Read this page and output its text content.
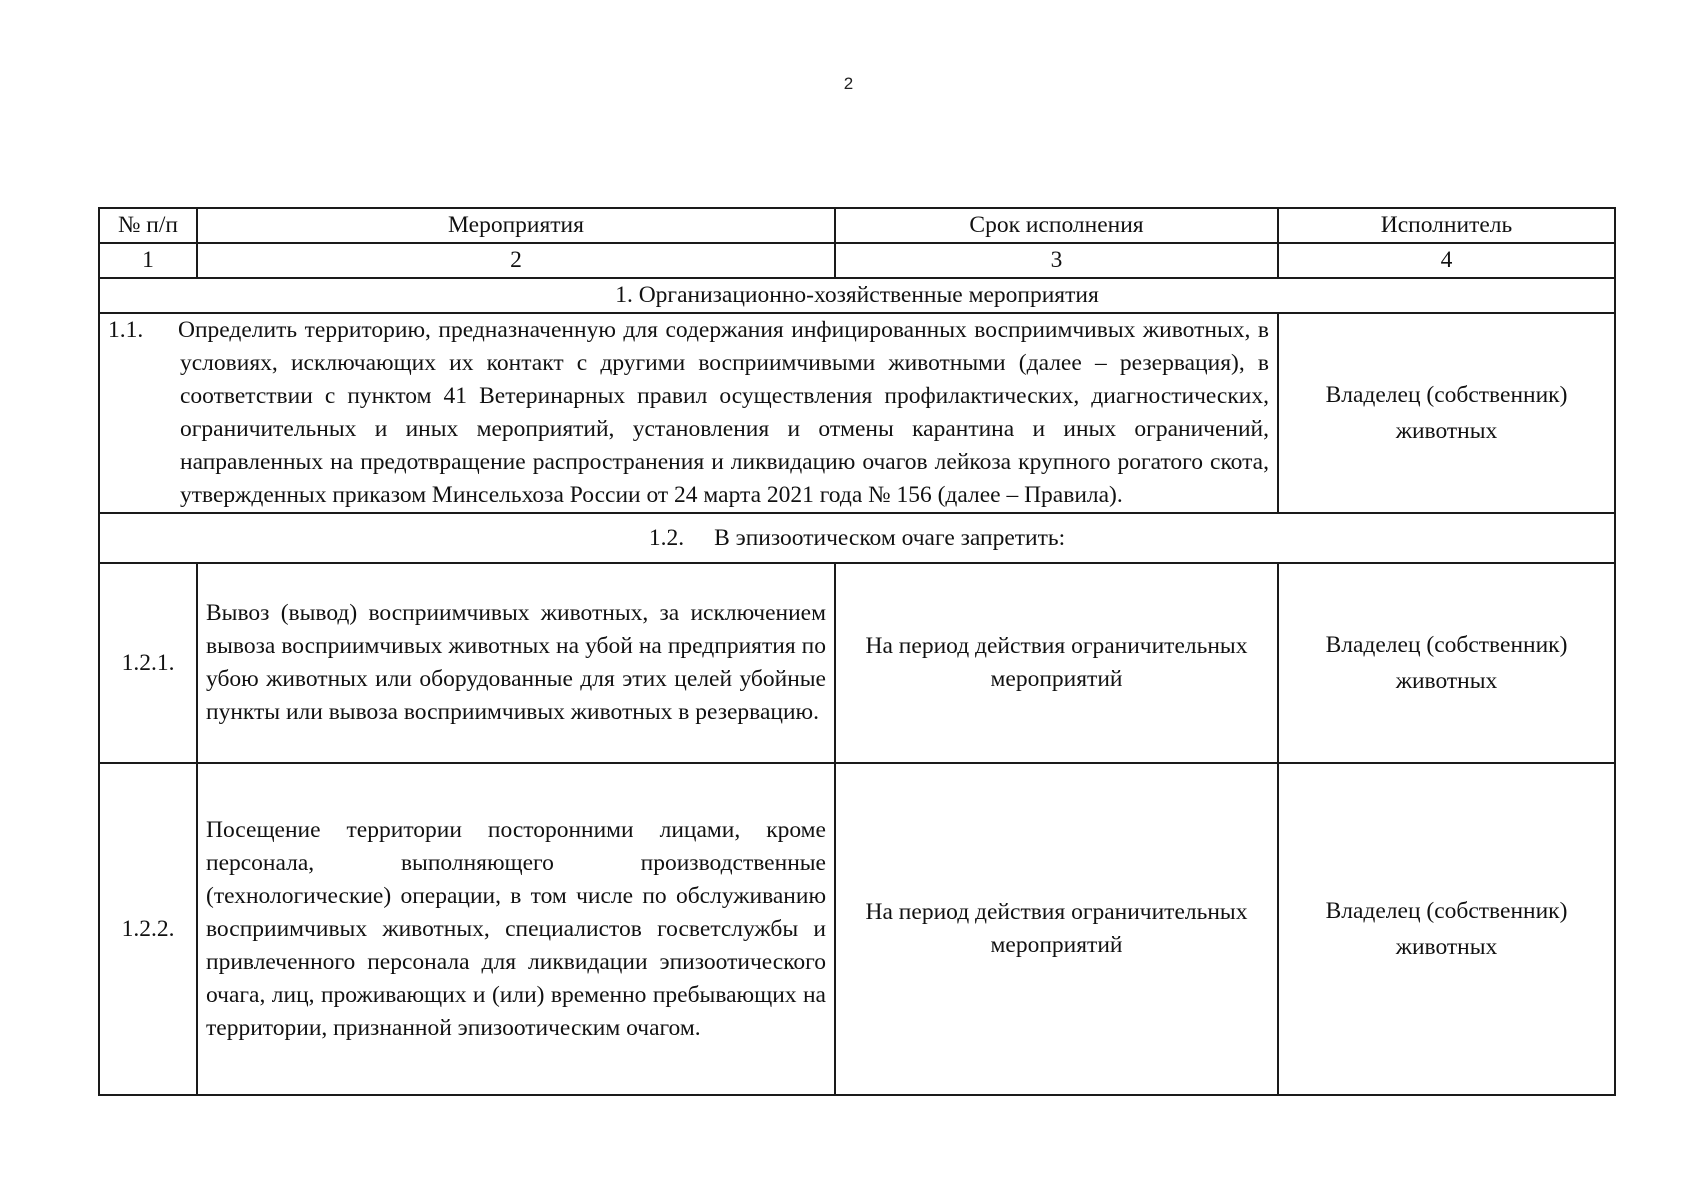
2
№ п/п	Мероприятия	Срок исполнения	Исполнитель
1	2	3	4
1. Организационно-хозяйственные мероприятия			

1.1. Определить территорию, предназначенную для содержания инфицированных восприимчивых животных, в условиях, исключающих их контакт с другими восприимчивыми животными (далее – резервация), в соответствии с пунктом 41 Ветеринарных правил осуществления профилактических, диагностических, ограничительных и иных мероприятий, установления и отмены карантина и иных ограничений, направленных на предотвращение распространения и ликвидацию очагов лейкоза крупного рогатого скота, утвержденных приказом Минсельхоза России от 24 марта 2021 года № 156 (далее – Правила).			Владелец (собственник) животных
1.2. В эпизоотическом очаге запретить:			
1.2.1.	Вывоз (вывод) восприимчивых животных, за исключением вывоза восприимчивых животных на убой на предприятия по убою животных или оборудованные для этих целей убойные пункты или вывоза восприимчивых животных в резервацию.	На период действия ограничительных мероприятий	Владелец (собственник) животных
1.2.2.	Посещение территории посторонними лицами, кроме персонала, выполняющего производственные (технологические) операции, в том числе по обслуживанию восприимчивых животных, специалистов госветслужбы и привлеченного персонала для ликвидации эпизоотического очага, лиц, проживающих и (или) временно пребывающих на территории, признанной эпизоотическим очагом.	На период действия ограничительных мероприятий	Владелец (собственник) животных
